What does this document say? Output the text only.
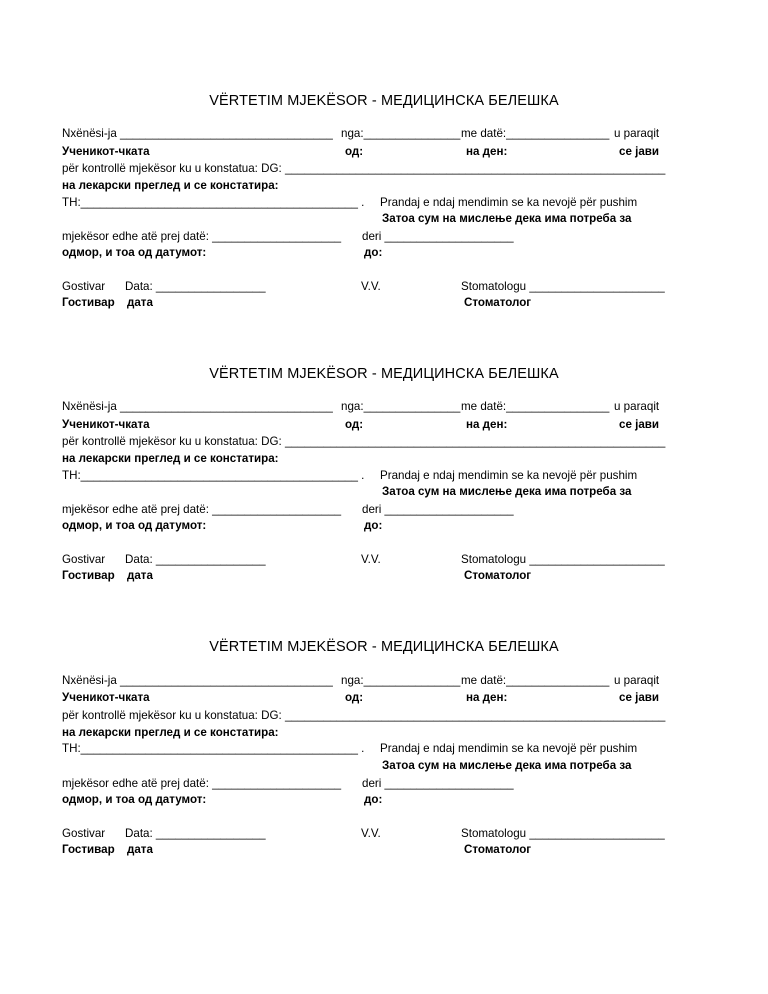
VËRTETIM MJEKËSOR - МЕДИЦИНСКА БЕЛЕШКА
Nxënësi-ja _________________________________ nga:_______________ me datë:________________ u paraqit
Ученикот-чката	од:	на ден:	се јави
për kontrollë mjekësor ku u konstatua: DG: ___________________________________________________________
на лекарски преглед и се констатира:
TH:___________________________________________ . Prandaj e ndaj mendimin se ka nevojë për pushim
Затоа сум на мислење дека има потреба за
mjekësor edhe atë prej datë: ____________________ deri ____________________
одмор, и тоа од датумот:	до:
Gostivar Data: _________________	V.V.	Stomatologu _____________________
Гостивар дата	Стоматолог
VËRTETIM MJEKËSOR - МЕДИЦИНСКА БЕЛЕШКА
Nxënësi-ja _________________________________ nga:_______________ me datë:________________ u paraqit
Ученикот-чката	од:	на ден:	се јави
për kontrollë mjekësor ku u konstatua: DG: ___________________________________________________________
на лекарски преглед и се констатира:
TH:___________________________________________ . Prandaj e ndaj mendimin se ka nevojë për pushim
Затоа сум на мислење дека има потреба за
mjekësor edhe atë prej datë: ____________________ deri ____________________
одмор, и тоа од датумот:	до:
Gostivar Data: _________________	V.V.	Stomatologu _____________________
Гостивар дата	Стоматолог
VËRTETIM MJEKËSOR - МЕДИЦИНСКА БЕЛЕШКА
Nxënësi-ja _________________________________ nga:_______________ me datë:________________ u paraqit
Ученикот-чката	од:	на ден:	се јави
për kontrollë mjekësor ku u konstatua: DG: ___________________________________________________________
на лекарски преглед и се констатира:
TH:___________________________________________ . Prandaj e ndaj mendimin se ka nevojë për pushim
Затоа сум на мислење дека има потреба за
mjekësor edhe atë prej datë: ____________________ deri ____________________
одмор, и тоа од датумот:	до:
Gostivar Data: _________________	V.V.	Stomatologu _____________________
Гостивар дата	Стоматолог
